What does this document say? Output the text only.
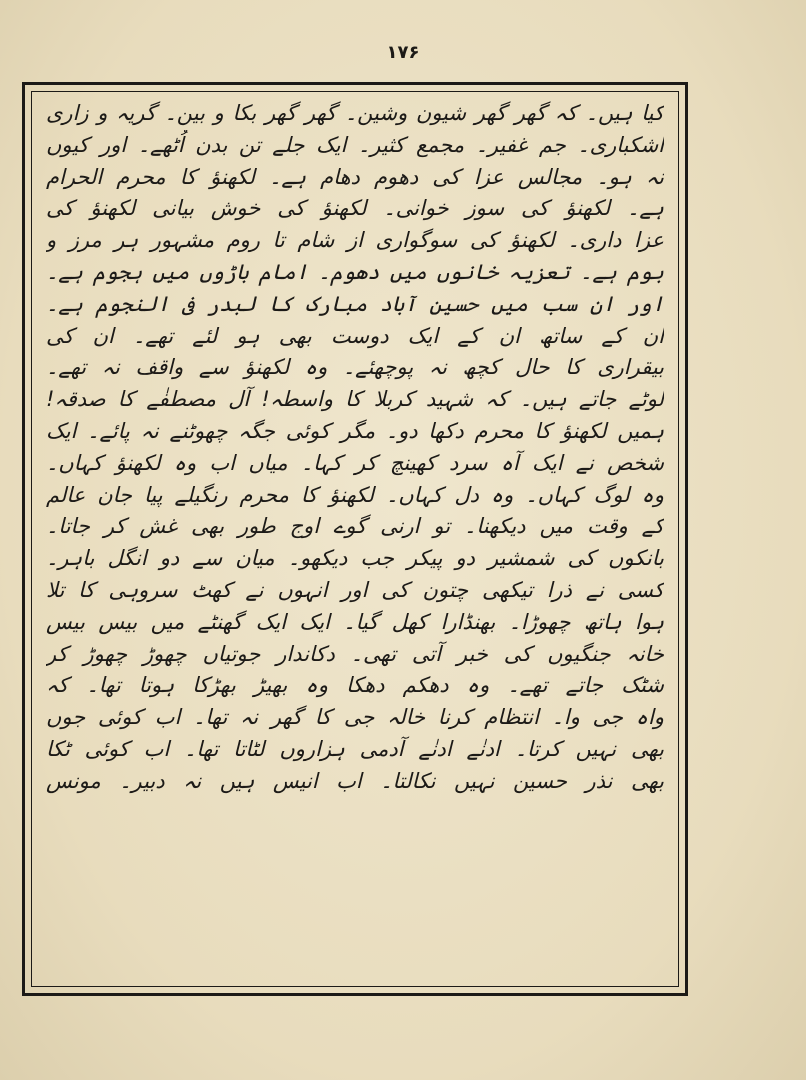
۱۷۶
کیا ہیں۔ کہ گھر گھر شیون وشین۔ گھر گھر بکا و بین۔ گریہ و زاری
اشکباری۔ جم غفیر۔ مجمع کثیر۔ ایک جلے تن بدن اُٹھے۔ اور کیوں
نہ ہو۔ مجالس عزا کی دھوم دھام ہے۔ لکھنؤ کا محرم الحرام
ہے۔ لکھنؤ کی سوز خوانی۔ لکھنؤ کی خوش بیانی لکھنؤ کی
عزا داری۔ لکھنؤ کی سوگواری از شام تا روم مشہور ہر مرز و
بوم ہے۔ تعزیہ خانوں میں دھوم۔ امام باڑوں میں ہجوم ہے۔
اور ان سب میں حسین آباد مبارک کا لبدر فی النجوم ہے۔
ان کے ساتھ ان کے ایک دوست بھی ہو لئے تھے۔ ان کی
بیقراری کا حال کچھ نہ پوچھئے۔ وہ لکھنؤ سے واقف نہ تھے۔
لوٹے جاتے ہیں۔ کہ شہید کربلا کا واسطہ! آل مصطفٰے کا صدقہ!
ہمیں لکھنؤ کا محرم دکھا دو۔ مگر کوئی جگہ چھوٹنے نہ پائے۔ ایک
شخص نے ایک آہ سرد کھینچ کر کہا۔ میاں اب وہ لکھنؤ کہاں۔
وہ لوگ کہاں۔ وہ دل کہاں۔ لکھنؤ کا محرم رنگیلے پیا جان عالم
کے وقت میں دیکھنا۔ تو ارنی گوے اوج طور بھی غش کر جاتا۔
بانکوں کی شمشیر دو پیکر جب دیکھو۔ میان سے دو انگل باہر۔
کسی نے ذرا تیکھی چتون کی اور انہوں نے کھٹ سروہی کا تلا
ہوا ہاتھ چھوڑا۔ بھنڈارا کھل گیا۔ ایک ایک گھنٹے میں بیس بیس
خانہ جنگیوں کی خبر آتی تھی۔ دکاندار جوتیاں چھوڑ چھوڑ کر
شٹک جاتے تھے۔ وہ دھکم دھکا وہ بھیڑ بھڑکا ہوتا تھا۔ کہ
واہ جی وا۔ انتظام کرنا خالہ جی کا گھر نہ تھا۔ اب کوئی جوں
بھی نہیں کرتا۔ ادنٰے ادنٰے آدمی ہزاروں لٹاتا تھا۔ اب کوئی ٹکا
بھی نذر حسین نہیں نکالتا۔ اب انیس ہیں نہ دبیر۔ مونس
